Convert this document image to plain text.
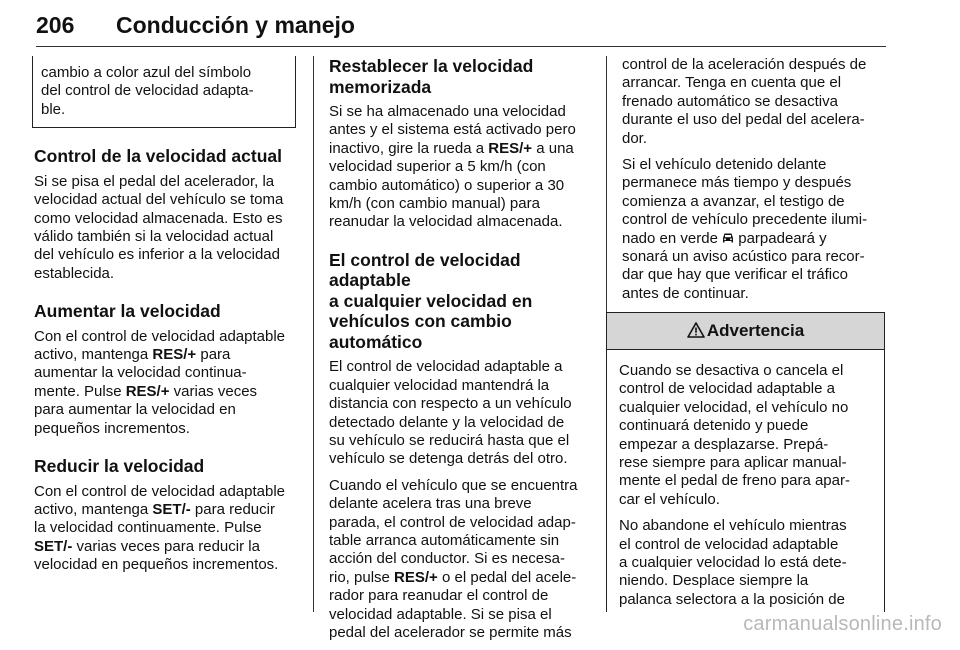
206 Conducción y manejo
cambio a color azul del símbolo
del control de velocidad adapta-
ble.
Control de la velocidad actual

Si se pisa el pedal del acelerador, la
velocidad actual del vehículo se toma
como velocidad almacenada. Esto es
válido también si la velocidad actual
del vehículo es inferior a la velocidad
establecida.

Aumentar la velocidad

Con el control de velocidad adaptable
activo, mantenga RES/+ para
aumentar la velocidad continua-
mente. Pulse RES/+ varias veces
para aumentar la velocidad en
pequeños incrementos.

Reducir la velocidad

Con el control de velocidad adaptable
activo, mantenga SET/- para reducir
la velocidad continuamente. Pulse
SET/- varias veces para reducir la
velocidad en pequeños incrementos.

Restablecer la velocidad
memorizada

Si se ha almacenado una velocidad
antes y el sistema está activado pero
inactivo, gire la rueda a RES/+ a una
velocidad superior a 5 km/h (con
cambio automático) o superior a 30
km/h (con cambio manual) para
reanudar la velocidad almacenada.

El control de velocidad adaptable
a cualquier velocidad en
vehículos con cambio automático

El control de velocidad adaptable a
cualquier velocidad mantendrá la
distancia con respecto a un vehículo
detectado delante y la velocidad de
su vehículo se reducirá hasta que el
vehículo se detenga detrás del otro.

Cuando el vehículo que se encuentra
delante acelera tras una breve
parada, el control de velocidad adap-
table arranca automáticamente sin
acción del conductor. Si es necesa-
rio, pulse RES/+ o el pedal del acele-
rador para reanudar el control de
velocidad adaptable. Si se pisa el
pedal del acelerador se permite más

control de la aceleración después de
arrancar. Tenga en cuenta que el
frenado automático se desactiva
durante el uso del pedal del acelera-
dor.

Si el vehículo detenido delante
permanece más tiempo y después
comienza a avanzar, el testigo de
control de vehículo precedente ilumi-
nado en verde  parpadeará y
sonará un aviso acústico para recor-
dar que hay que verificar el tráfico
antes de continuar.

Advertencia

Cuando se desactiva o cancela el
control de velocidad adaptable a
cualquier velocidad, el vehículo no
continuará detenido y puede
empezar a desplazarse. Prepá-
rese siempre para aplicar manual-
mente el pedal de freno para apar-
car el vehículo.

No abandone el vehículo mientras
el control de velocidad adaptable
a cualquier velocidad lo está dete-
niendo. Desplace siempre la
palanca selectora a la posición de

carmanualsonline.info
